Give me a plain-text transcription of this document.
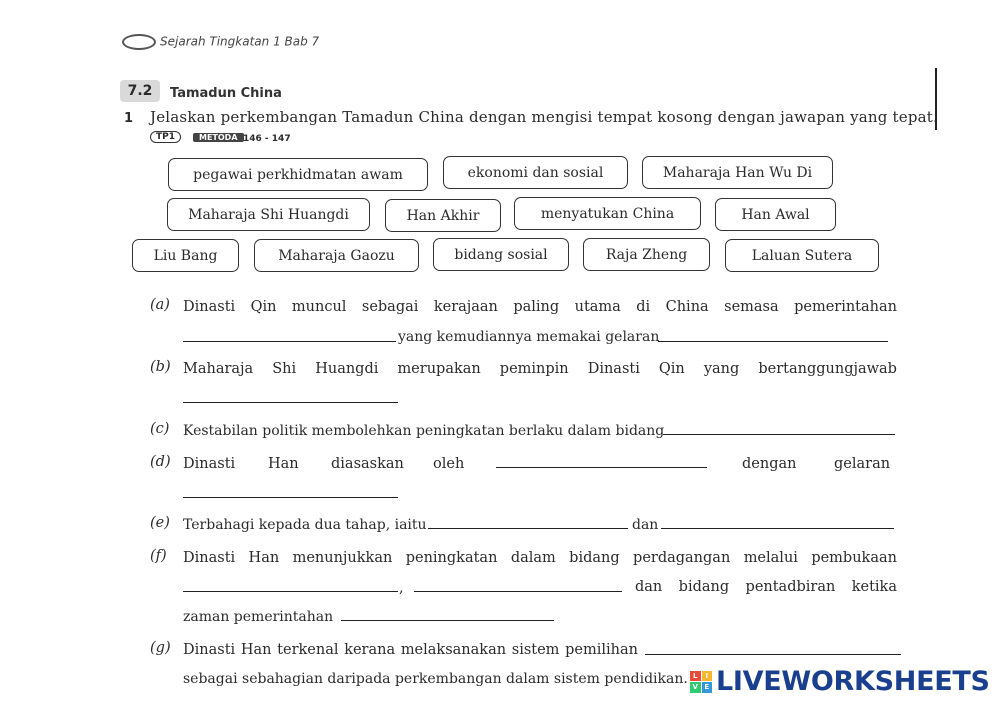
Sejarah Tingkatan 1 Bab 7
7.2	Tamadun China
1 Jelaskan perkembangan Tamadun China dengan mengisi tempat kosong dengan jawapan yang tepat.
TP1	METODA 146 - 147
pegawai perkhidmatan awam	ekonomi dan sosial	Maharaja Han Wu Di
Maharaja Shi Huangdi	Han Akhir	menyatukan China	Han Awal
Liu Bang	Maharaja Gaozu	bidang sosial	Raja Zheng	Laluan Sutera
(a) Dinasti Qin muncul sebagai kerajaan paling utama di China semasa pemerintahan
yang kemudiannya memakai gelaran
(b) Maharaja Shi Huangdi merupakan peminpin Dinasti Qin yang bertanggungjawab
(c) Kestabilan politik membolehkan peningkatan berlaku dalam bidang
(d) Dinasti Han diasaskan oleh	dengan	gelaran
(e) Terbahagi kepada dua tahap, iaitu	dan
(f) Dinasti Han menunjukkan peningkatan dalam bidang perdagangan melalui pembukaan
,	dan bidang pentadbiran ketika
zaman pemerintahan
(g) Dinasti Han terkenal kerana melaksanakan sistem pemilihan
sebagai sebahagian daripada perkembangan dalam sistem pendidikan. L	I
V E LIVEWORKSHEETS
